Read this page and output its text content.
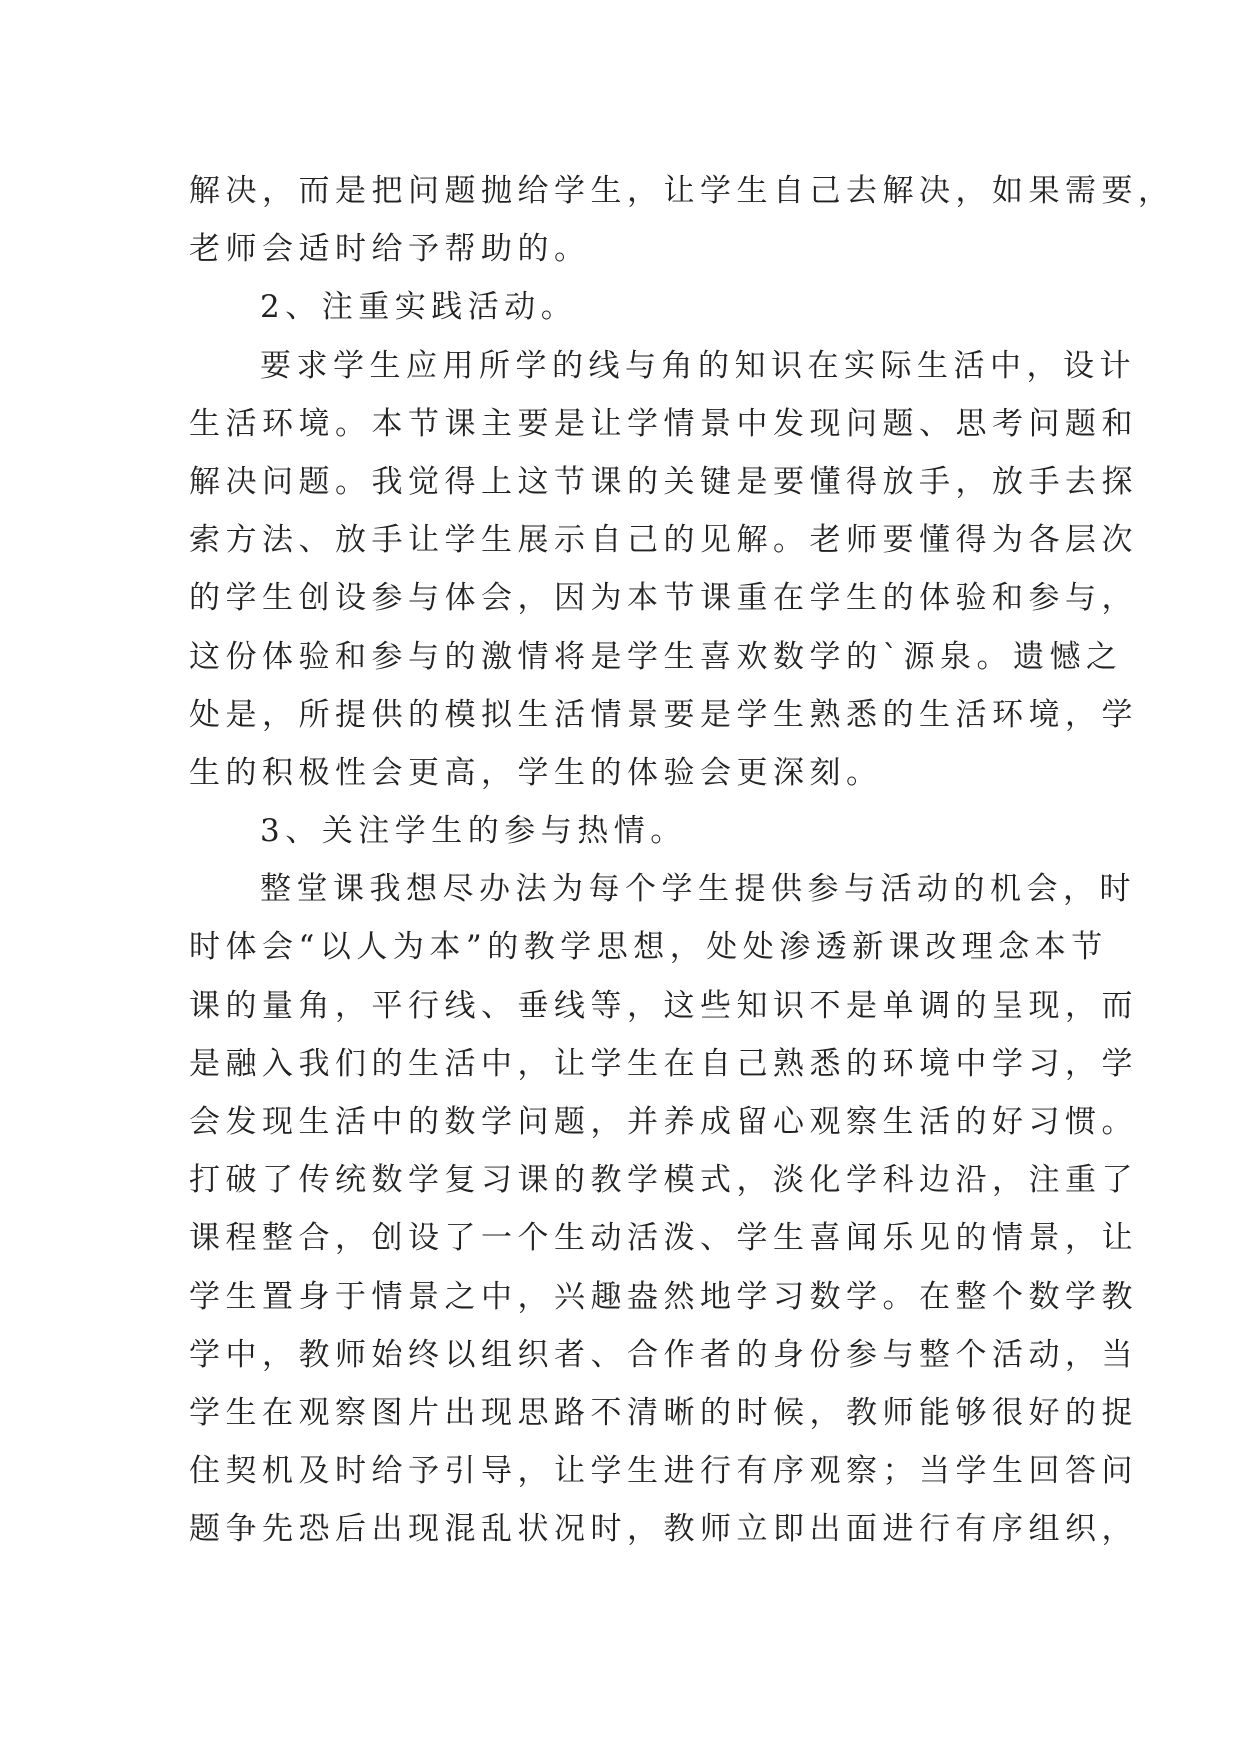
解决，而是把问题抛给学生，让学生自己去解决，如果需要，
老师会适时给予帮助的。
2、注重实践活动。
要求学生应用所学的线与角的知识在实际生活中，设计
生活环境。本节课主要是让学情景中发现问题、思考问题和
解决问题。我觉得上这节课的关键是要懂得放手，放手去探
索方法、放手让学生展示自己的见解。老师要懂得为各层次
的学生创设参与体会，因为本节课重在学生的体验和参与，
这份体验和参与的激情将是学生喜欢数学的`源泉。遗憾之
处是，所提供的模拟生活情景要是学生熟悉的生活环境，学
生的积极性会更高，学生的体验会更深刻。
3、关注学生的参与热情。
整堂课我想尽办法为每个学生提供参与活动的机会，时
时体会“以人为本”的教学思想，处处渗透新课改理念本节
课的量角，平行线、垂线等，这些知识不是单调的呈现，而
是融入我们的生活中，让学生在自己熟悉的环境中学习，学
会发现生活中的数学问题，并养成留心观察生活的好习惯。
打破了传统数学复习课的教学模式，淡化学科边沿，注重了
课程整合，创设了一个生动活泼、学生喜闻乐见的情景，让
学生置身于情景之中，兴趣盎然地学习数学。在整个数学教
学中，教师始终以组织者、合作者的身份参与整个活动，当
学生在观察图片出现思路不清晰的时候，教师能够很好的捉
住契机及时给予引导，让学生进行有序观察；当学生回答问
题争先恐后出现混乱状况时，教师立即出面进行有序组织，
